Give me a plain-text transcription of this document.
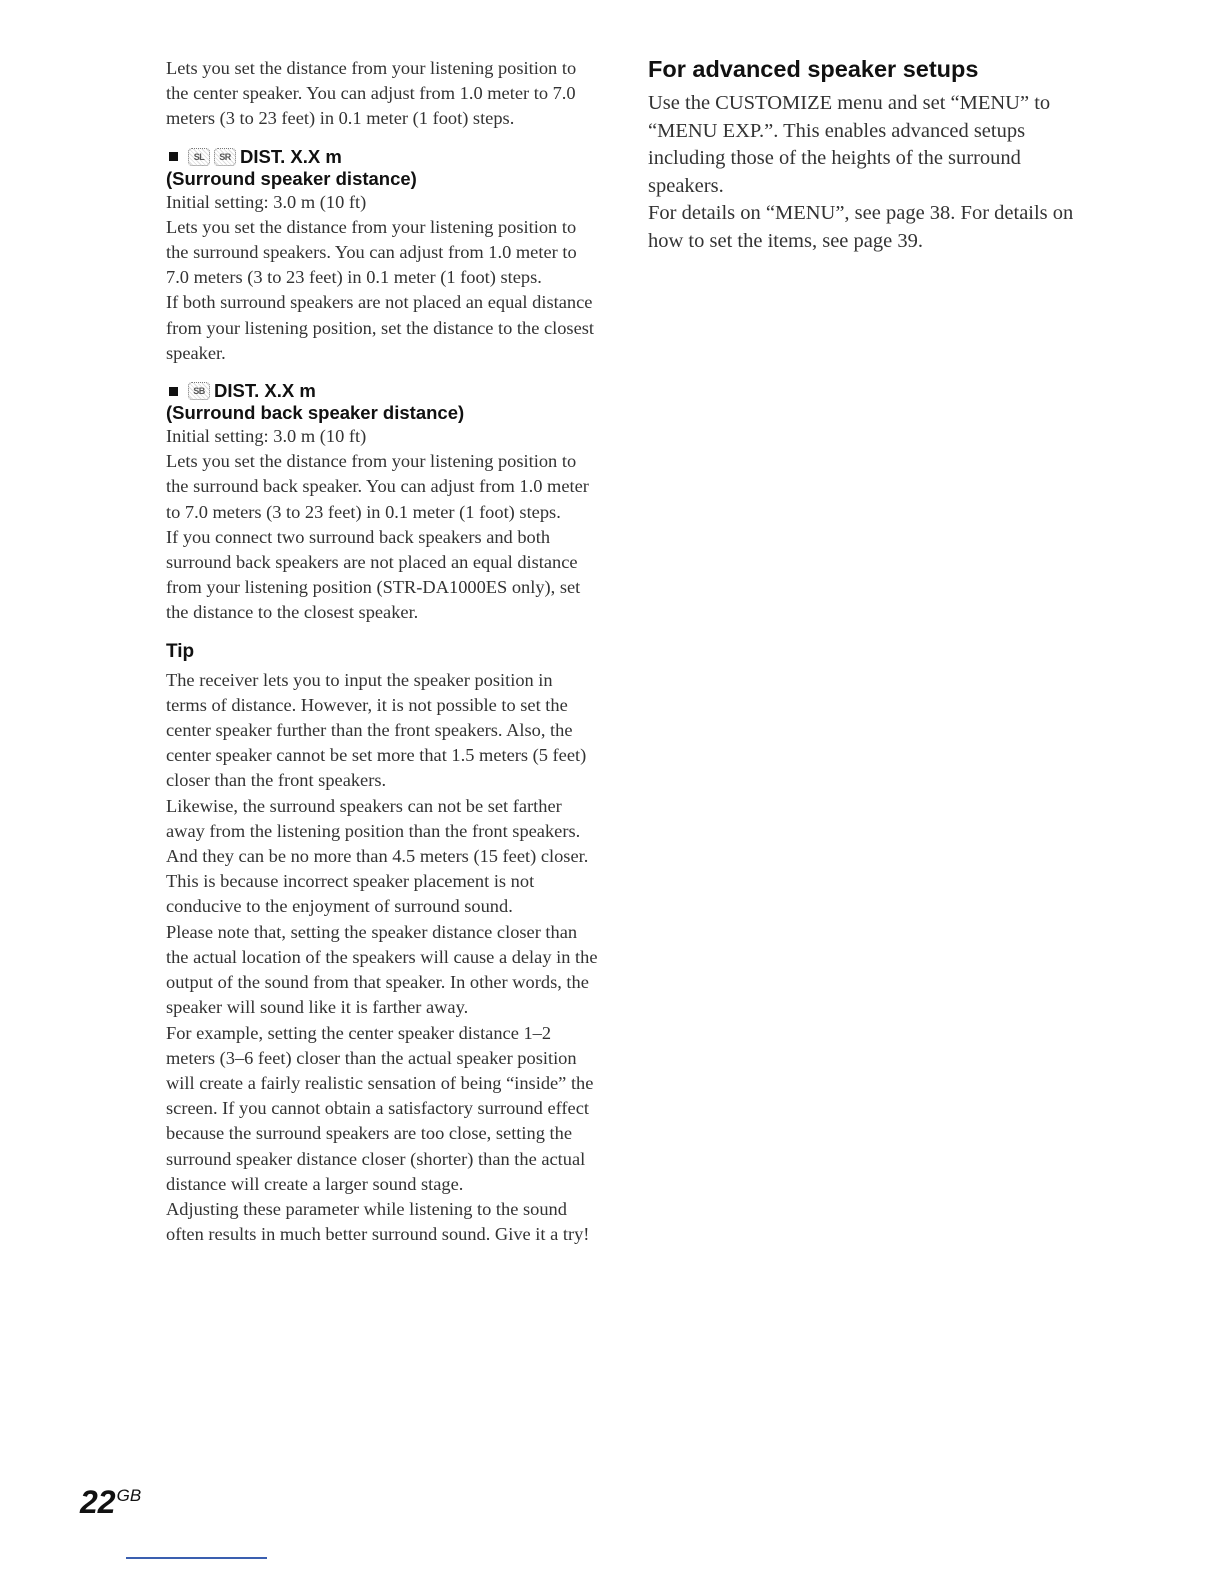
Lets you set the distance from your listening position to the center speaker. You can adjust from 1.0 meter to 7.0 meters (3 to 23 feet) in 0.1 meter (1 foot) steps.

SL	SR DIST. X.X m

(Surround speaker distance)

Initial setting: 3.0 m (10 ft)

Lets you set the distance from your listening position to the surround speakers. You can adjust from 1.0 meter to 7.0 meters (3 to 23 feet) in 0.1 meter (1 foot) steps.

If both surround speakers are not placed an equal distance from your listening position, set the distance to the closest speaker.

SB DIST. X.X m

(Surround back speaker distance)

Initial setting: 3.0 m (10 ft)

Lets you set the distance from your listening position to the surround back speaker. You can adjust from 1.0 meter to 7.0 meters (3 to 23 feet) in 0.1 meter (1 foot) steps.

If you connect two surround back speakers and both surround back speakers are not placed an equal distance from your listening position (STR-DA1000ES only), set the distance to the closest speaker.

Tip

The receiver lets you to input the speaker position in terms of distance. However, it is not possible to set the center speaker further than the front speakers. Also, the center speaker cannot be set more that 1.5 meters (5 feet) closer than the front speakers.

Likewise, the surround speakers can not be set farther away from the listening position than the front speakers. And they can be no more than 4.5 meters (15 feet) closer.

This is because incorrect speaker placement is not conducive to the enjoyment of surround sound.

Please note that, setting the speaker distance closer than the actual location of the speakers will cause a delay in the output of the sound from that speaker. In other words, the speaker will sound like it is farther away.

For example, setting the center speaker distance 1–2 meters (3–6 feet) closer than the actual speaker position will create a fairly realistic sensation of being “inside” the screen. If you cannot obtain a satisfactory surround effect because the surround speakers are too close, setting the surround speaker distance closer (shorter) than the actual distance will create a larger sound stage.

Adjusting these parameter while listening to the sound often results in much better surround sound. Give it a try!

For advanced speaker setups

Use the CUSTOMIZE menu and set “MENU” to “MENU EXP.”. This enables advanced setups including those of the heights of the surround speakers.

For details on “MENU”, see page 38. For details on how to set the items, see page 39.

$22^{GB}$
